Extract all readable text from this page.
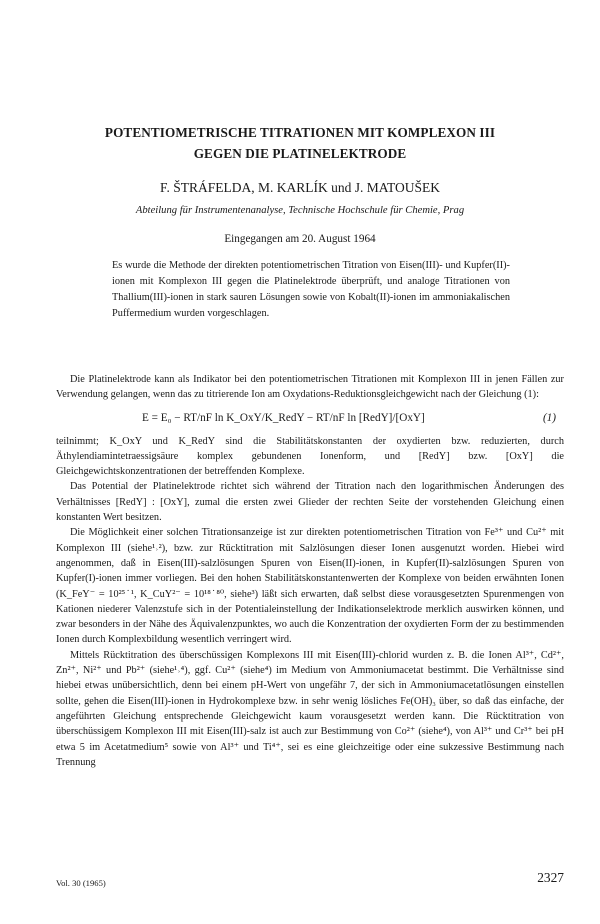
POTENTIOMETRISCHE TITRATIONEN MIT KOMPLEXON III
GEGEN DIE PLATINELEKTRODE
F. ŠTRÁFELDA, M. KARLÍK und J. MATOUŠEK
Abteilung für Instrumentenanalyse, Technische Hochschule für Chemie, Prag
Eingegangen am 20. August 1964
Es wurde die Methode der direkten potentiometrischen Titration von Eisen(III)- und Kupfer(II)-ionen mit Komplexon III gegen die Platinelektrode überprüft, und analoge Titrationen von Thallium(III)-ionen in stark sauren Lösungen sowie von Kobalt(II)-ionen im ammoniakalischen Puffermedium wurden vorgeschlagen.

Die Platinelektrode kann als Indikator bei den potentiometrischen Titrationen mit Komplexon III in jenen Fällen zur Verwendung gelangen, wenn das zu titrierende Ion am Oxydations-Reduktionsgleichgewicht nach der Gleichung (1):

E = E₀ − RT/nF ln K_OxY/K_RedY − RT/nF ln [RedY]/[OxY]	(1)

teilnimmt; K_OxY und K_RedY sind die Stabilitätskonstanten der oxydierten bzw. reduzierten, durch Äthylendiamintetraessigsäure komplex gebundenen Ionenform, und [RedY] bzw. [OxY] die Gleichgewichtskonzentrationen der betreffenden Komplexe.

Das Potential der Platinelektrode richtet sich während der Titration nach den logarithmischen Änderungen des Verhältnisses [RedY] : [OxY], zumal die ersten zwei Glieder der rechten Seite der vorstehenden Gleichung einen konstanten Wert besitzen.

Die Möglichkeit einer solchen Titrationsanzeige ist zur direkten potentiometrischen Titration von Fe³⁺ und Cu²⁺ mit Komplexon III (siehe¹˒²), bzw. zur Rücktitration mit Salzlösungen dieser Ionen ausgenutzt worden. Hiebei wird angenommen, daß in Eisen(III)-salzlösungen Spuren von Eisen(II)-ionen, in Kupfer(II)-salzlösungen Spuren von Kupfer(I)-ionen immer vorliegen. Bei den hohen Stabilitätskonstantenwerten der Komplexe von beiden erwähnten Ionen (K_FeY⁻ = 10²⁵˙¹, K_CuY²⁻ = 10¹⁸˙⁸⁰, siehe³) läßt sich erwarten, daß selbst diese vorausgesetzten Spurenmengen von Kationen niederer Valenzstufe sich in der Potentialeinstellung der Indikationselektrode merklich auswirken können, und zwar besonders in der Nähe des Äquivalenzpunktes, wo auch die Konzentration der oxydierten Form der zu bestimmenden Ionen durch Komplexbildung wesentlich verringert wird.

Mittels Rücktitration des überschüssigen Komplexons III mit Eisen(III)-chlorid wurden z. B. die Ionen Al³⁺, Cd²⁺, Zn²⁺, Ni²⁺ und Pb²⁺ (siehe¹˒⁴), ggf. Cu²⁺ (siehe⁴) im Medium von Ammoniumacetat bestimmt. Die Verhältnisse sind hiebei etwas unübersichtlich, denn bei einem pH-Wert von ungefähr 7, der sich in Ammoniumacetatlösungen einstellen sollte, gehen die Eisen(III)-ionen in Hydrokomplexe bzw. in sehr wenig lösliches Fe(OH)₃ über, so daß das einfache, der angeführten Gleichung entsprechende Gleichgewicht kaum vorausgesetzt werden kann. Die Rücktitration von überschüssigem Komplexon III mit Eisen(III)-salz ist auch zur Bestimmung von Co²⁺ (siehe⁴), von Al³⁺ und Cr³⁺ bei pH etwa 5 im Acetatmedium⁵ sowie von Al³⁺ und Ti⁴⁺, sei es eine gleichzeitige oder eine sukzessive Bestimmung nach Trennung

Vol. 30 (1965)	2327
